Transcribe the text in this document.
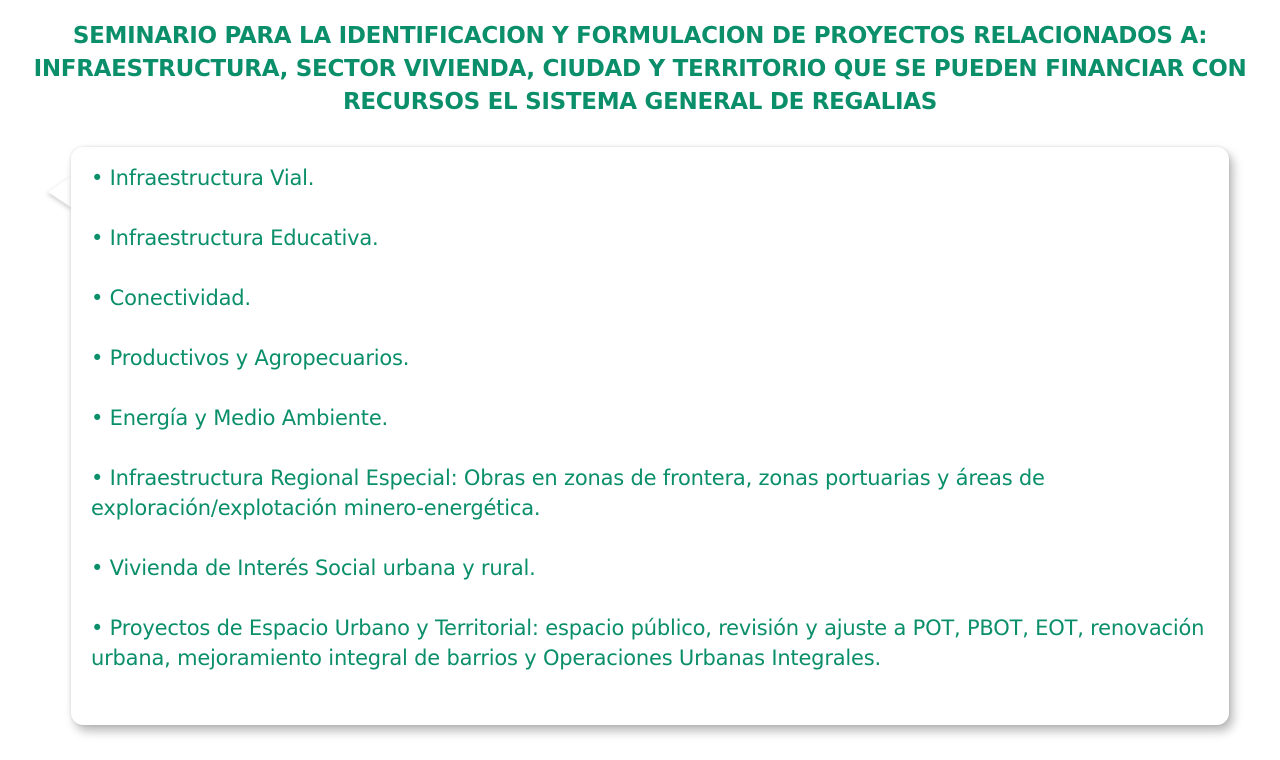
SEMINARIO PARA LA IDENTIFICACION Y FORMULACION DE PROYECTOS RELACIONADOS A: INFRAESTRUCTURA, SECTOR VIVIENDA, CIUDAD Y TERRITORIO QUE SE PUEDEN FINANCIAR CON RECURSOS EL SISTEMA GENERAL DE REGALIAS
• Infraestructura Vial.
• Infraestructura Educativa.
• Conectividad.
• Productivos y Agropecuarios.
• Energía y Medio Ambiente.
• Infraestructura Regional Especial: Obras en zonas de frontera, zonas portuarias y áreas de exploración/explotación minero-energética.
• Vivienda de Interés Social urbana y rural.
• Proyectos de Espacio Urbano y Territorial: espacio público, revisión y ajuste a POT, PBOT, EOT, renovación urbana, mejoramiento integral de barrios y Operaciones Urbanas Integrales.
